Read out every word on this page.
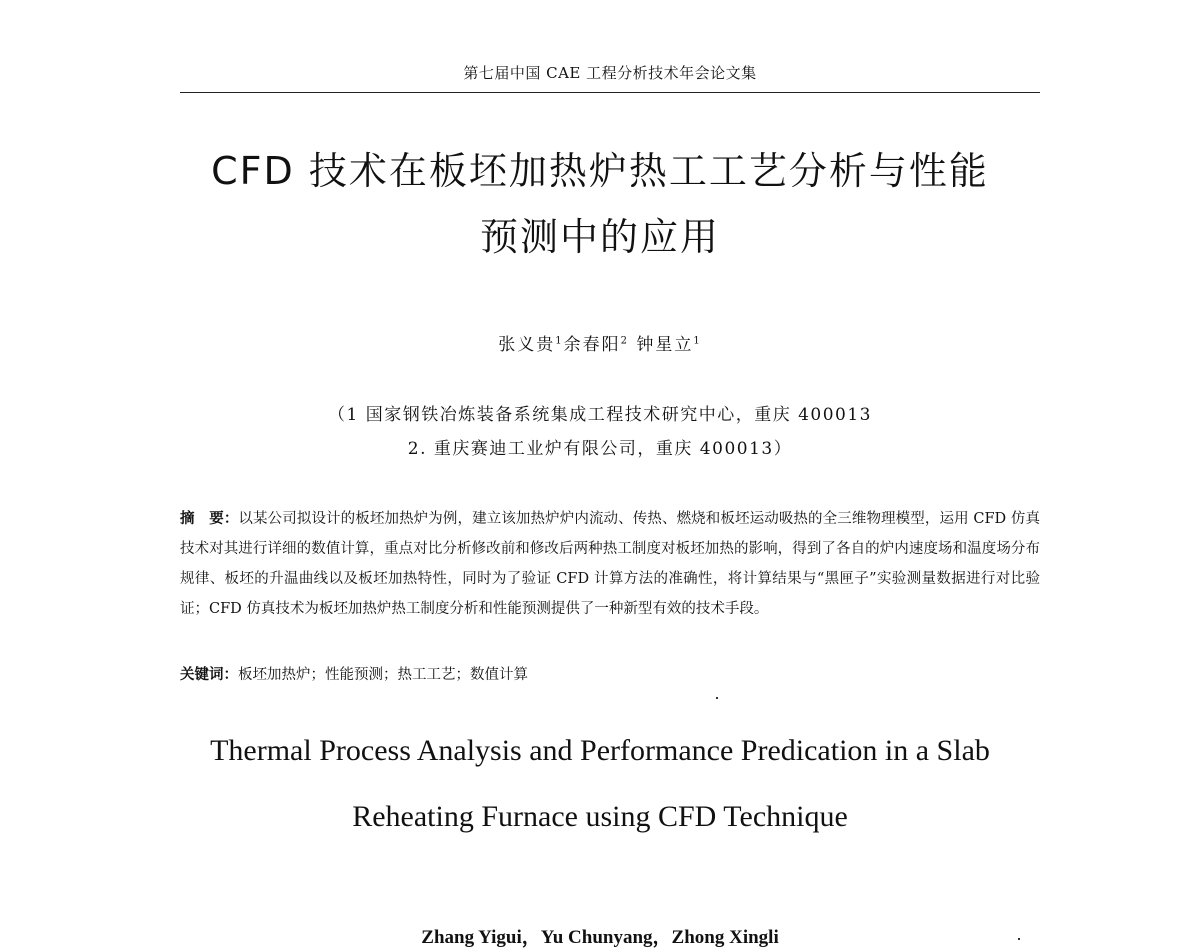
第七届中国 CAE 工程分析技术年会论文集
CFD 技术在板坯加热炉热工工艺分析与性能
预测中的应用
张义贵$^1$余春阳$^2$ 钟星立$^1$
（1 国家钢铁冶炼装备系统集成工程技术研究中心，重庆 400013
2. 重庆赛迪工业炉有限公司，重庆 400013）
摘　要：以某公司拟设计的板坯加热炉为例，建立该加热炉炉内流动、传热、燃烧和板坯运动吸热的全三维物理模型，运用 CFD 仿真技术对其进行详细的数值计算，重点对比分析修改前和修改后两种热工制度对板坯加热的影响，得到了各自的炉内速度场和温度场分布规律、板坯的升温曲线以及板坯加热特性，同时为了验证 CFD 计算方法的准确性，将计算结果与“黑匣子”实验测量数据进行对比验证；CFD 仿真技术为板坯加热炉热工制度分析和性能预测提供了一种新型有效的技术手段。
关键词：板坯加热炉；性能预测；热工工艺；数值计算
Thermal Process Analysis and Performance Predication in a Slab
Reheating Furnace using CFD Technique
Zhang Yigui，Yu Chunyang，Zhong Xingli
